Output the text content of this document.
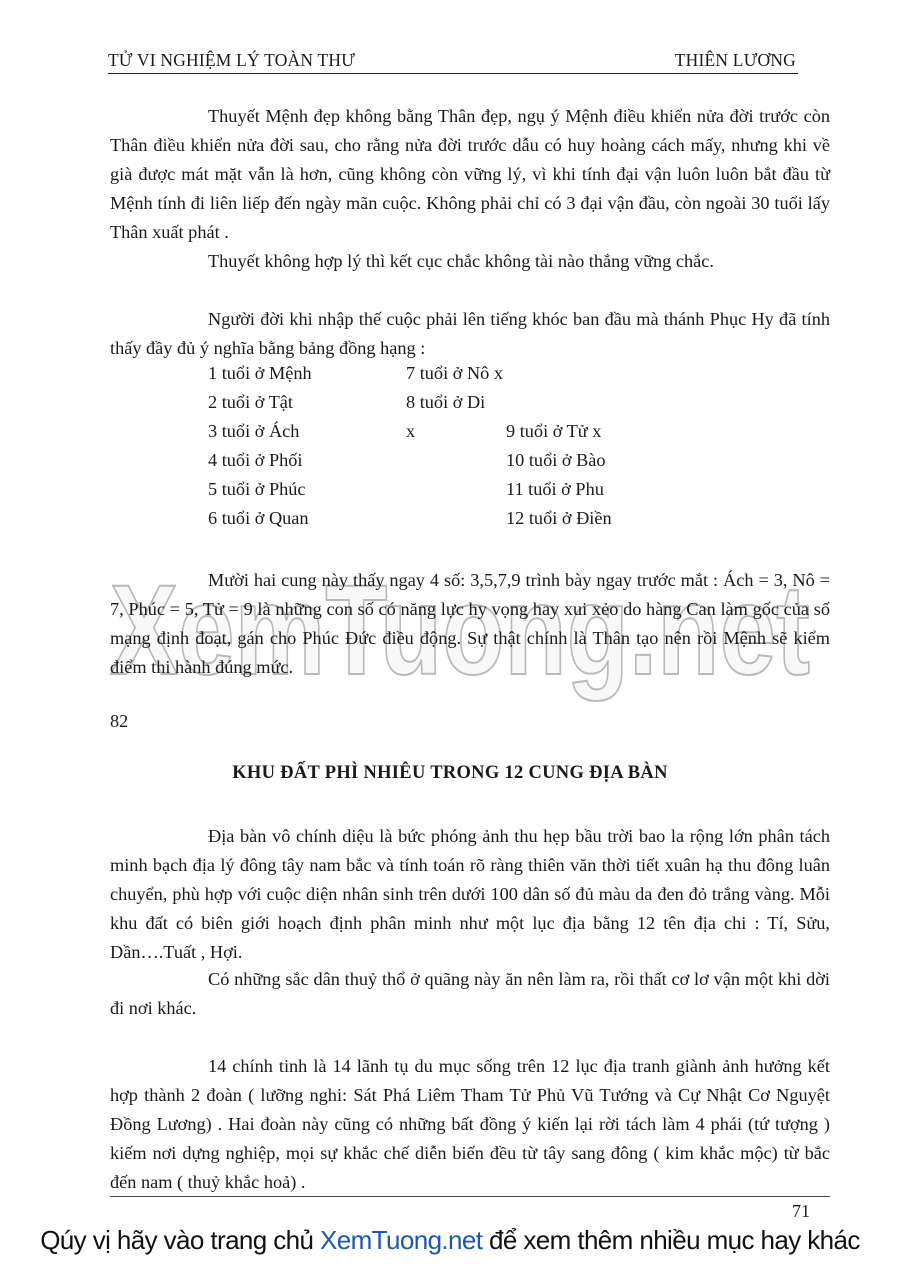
TỬ VI NGHIỆM LÝ TOÀN THƯ	THIÊN LƯƠNG
XemTuong.net
Thuyết Mệnh đẹp không bằng Thân đẹp, ngụ ý Mệnh điều khiển nửa đời trước còn Thân điều khiển nửa đời sau, cho rằng nửa đời trước dẫu có huy hoàng cách mấy, nhưng khi về già được mát mặt vẫn là hơn, cũng không còn vững lý, vì khi tính đại vận luôn luôn bắt đầu từ Mệnh tính đi liên liếp đến ngày mãn cuộc. Không phải chỉ có 3 đại vận đầu, còn ngoài 30 tuổi lấy Thân xuất phát .
Thuyết không hợp lý thì kết cục chắc không tài nào thắng vững chắc.
Người đời khi nhập thế cuộc phải lên tiếng khóc ban đầu mà thánh Phục Hy đã tính thấy đầy đủ ý nghĩa bằng bảng đồng hạng :
1 tuổi ở Mệnh	7 tuổi ở Nô x
2 tuổi ở Tật	8 tuổi ở Di
3 tuổi ở Ách	x	9 tuổi ở Tử x
4 tuổi ở Phối	10 tuổi ở Bào
5 tuổi ở Phúc	11 tuổi ở Phu
6 tuổi ở Quan	12 tuổi ở Điền
Mười hai cung này thấy ngay 4 số: 3,5,7,9 trình bày ngay trước mắt : Ách = 3, Nô = 7, Phúc = 5, Tử = 9 là những con số có năng lực hy vọng hay xui xẻo do hàng Can làm gốc của số mạng định đoạt, gán cho Phúc Đức điều động. Sự thật chính là Thân tạo nên rồi Mệnh sẽ kiểm điểm thi hành đúng mức.
82
KHU ĐẤT PHÌ NHIÊU TRONG 12 CUNG ĐỊA BÀN
Địa bàn vô chính diệu là bức phóng ảnh thu hẹp bầu trời bao la rộng lớn phân tách minh bạch địa lý đông tây nam bắc và tính toán rõ ràng thiên văn thời tiết xuân hạ thu đông luân chuyển, phù hợp với cuộc diện nhân sinh trên dưới 100 dân số đủ màu da đen đỏ trắng vàng. Mỗi khu đất có biên giới hoạch định phân minh như một lục địa bằng 12 tên địa chi : Tí, Sửu, Dần….Tuất , Hợi.
Có những sắc dân thuỷ thổ ở quãng này ăn nên làm ra, rồi thất cơ lơ vận một khi dời đi nơi khác.
14 chính tinh là 14 lãnh tụ du mục sống trên 12 lục địa tranh giành ảnh hưởng kết hợp thành 2 đoàn ( lưỡng nghi: Sát Phá Liêm Tham Tử Phủ Vũ Tướng và Cự Nhật Cơ Nguyệt Đồng Lương) . Hai đoàn này cũng có những bất đồng ý kiến lại rời tách làm 4 phái (tứ tượng ) kiếm nơi dựng nghiệp, mọi sự khắc chế diễn biến đều từ tây sang đông ( kim khắc mộc) từ bắc đến nam ( thuỷ khắc hoả) .
71
Qúy vị hãy vào trang chủ XemTuong.net để xem thêm nhiều mục hay khác
